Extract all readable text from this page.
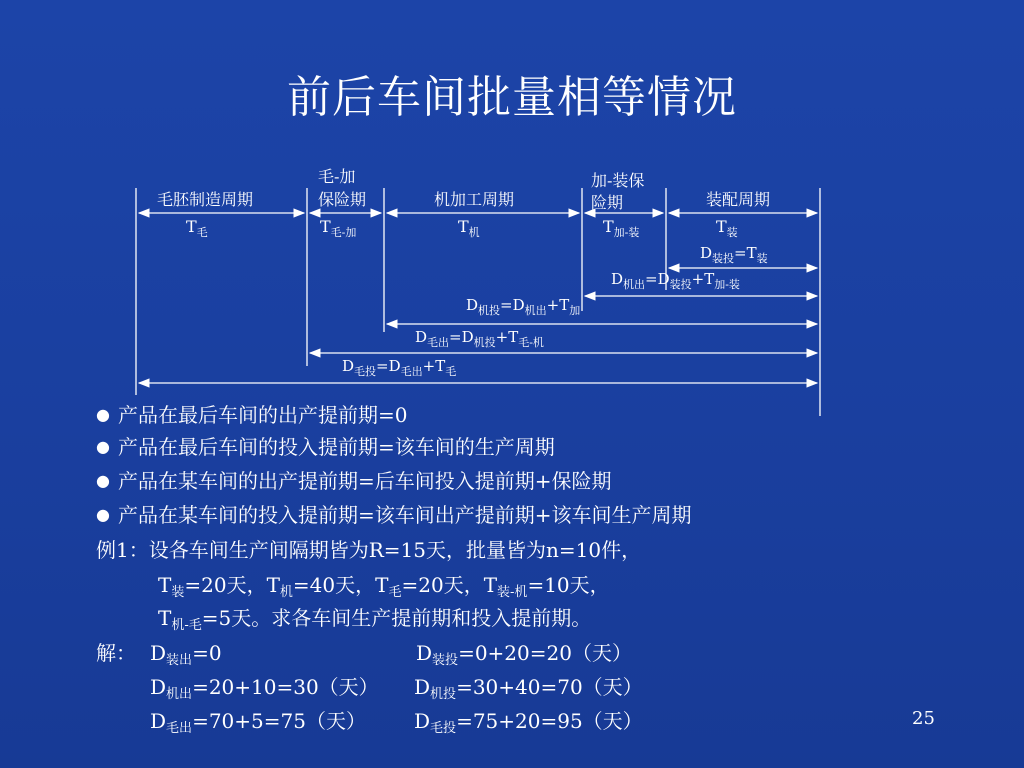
前后车间批量相等情况
毛胚制造周期
毛-加
保险期	机加工周期
加-装保
险期	装配周期
$T_毛$	$T_{毛-加}$	$T_机$	$T_{加-装}$	$T_装$
$D_{装投}=T_装$
$D_{机出}=D_{装投}+T_{加-装}$
$D_{机投}=D_{机出}+T_加$
$D_{毛出}=D_{机投}+T_{毛-机}$
$D_{毛投}=D_{毛出}+T_毛$
● 产品在最后车间的出产提前期=0
● 产品在最后车间的投入提前期=该车间的生产周期
● 产品在某车间的出产提前期=后车间投入提前期+保险期
● 产品在某车间的投入提前期=该车间出产提前期+该车间生产周期
例1：设各车间生产间隔期皆为R=15天，批量皆为n=10件，
$T_装=20$天，$T_机=40$天，$T_毛=20$天，$T_{装-机}=10$天，
$T_{机-毛}=5$天。求各车间生产提前期和投入提前期。
解： $D_{装出}=0$	$D_{装投}=0+20=20$（天）
$D_{机出}=20+10=30$（天） $D_{机投}=30+40=70$（天）
$D_{毛出}=70+5=75$（天） $D_{毛投}=75+20=95$（天）	25
